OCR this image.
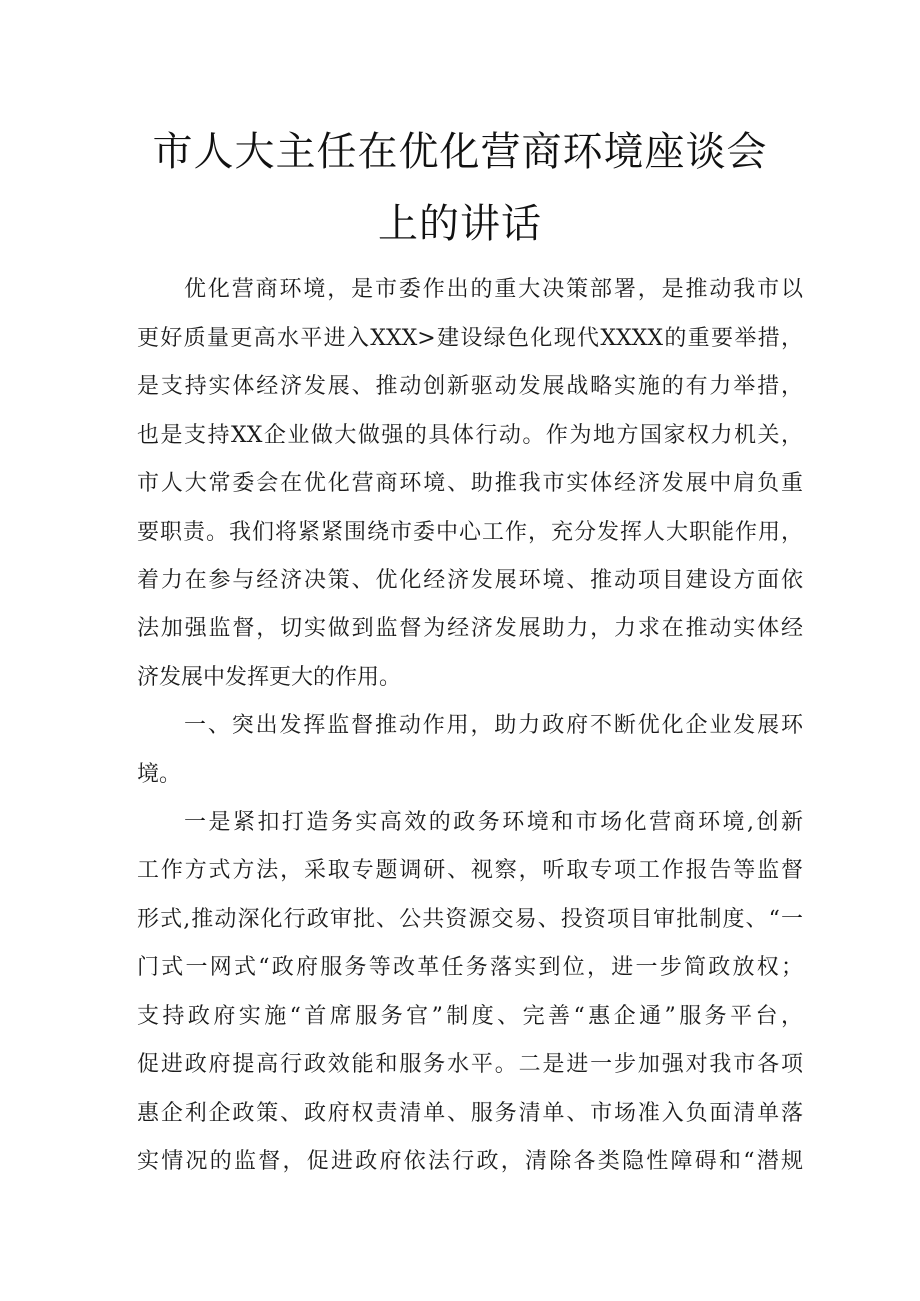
市人大主任在优化营商环境座谈会
上的讲话
优化营商环境，是市委作出的重大决策部署，是推动我市以
更好质量更高水平进入XXX>建设绿色化现代XXXX的重要举措，
是支持实体经济发展、推动创新驱动发展战略实施的有力举措，
也是支持XX企业做大做强的具体行动。作为地方国家权力机关，
市人大常委会在优化营商环境、助推我市实体经济发展中肩负重
要职责。我们将紧紧围绕市委中心工作，充分发挥人大职能作用，
着力在参与经济决策、优化经济发展环境、推动项目建设方面依
法加强监督，切实做到监督为经济发展助力，力求在推动实体经
济发展中发挥更大的作用。
一、突出发挥监督推动作用，助力政府不断优化企业发展环
境。
一是紧扣打造务实高效的政务环境和市场化营商环境,创新
工作方式方法，采取专题调研、视察，听取专项工作报告等监督
形式,推动深化行政审批、公共资源交易、投资项目审批制度、“一
门式一网式“政府服务等改革任务落实到位，进一步简政放权；
支持政府实施“首席服务官”制度、完善“惠企通”服务平台，
促进政府提高行政效能和服务水平。二是进一步加强对我市各项
惠企利企政策、政府权责清单、服务清单、市场准入负面清单落
实情况的监督，促进政府依法行政，清除各类隐性障碍和“潜规
